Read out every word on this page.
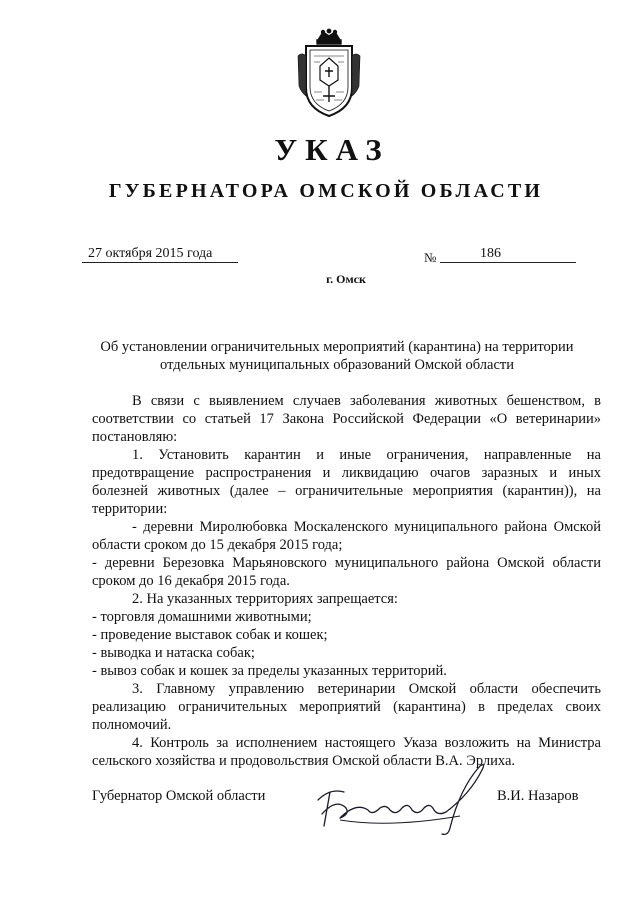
УКАЗ
ГУБЕРНАТОРА ОМСКОЙ ОБЛАСТИ
27 октября 2015 года	№	186
г. Омск
Об установлении ограничительных мероприятий (карантина) на территории отдельных муниципальных образований Омской области

В связи с выявлением случаев заболевания животных бешенством, в соответствии со статьей 17 Закона Российской Федерации «О ветеринарии» постановляю:

1. Установить карантин и иные ограничения, направленные на предотвращение распространения и ликвидацию очагов заразных и иных болезней животных (далее – ограничительные мероприятия (карантин)), на территории:

- деревни Миролюбовка Москаленского муниципального района Омской области сроком до 15 декабря 2015 года;

- деревни Березовка Марьяновского муниципального района Омской области сроком до 16 декабря 2015 года.

2. На указанных территориях запрещается:

- торговля домашними животными;

- проведение выставок собак и кошек;

- выводка и натаска собак;

- вывоз собак и кошек за пределы указанных территорий.

3. Главному управлению ветеринарии Омской области обеспечить реализацию ограничительных мероприятий (карантина) в пределах своих полномочий.

4. Контроль за исполнением настоящего Указа возложить на Министра сельского хозяйства и продовольствия Омской области В.А. Эрлиха.

Губернатор Омской области	В.И. Назаров
